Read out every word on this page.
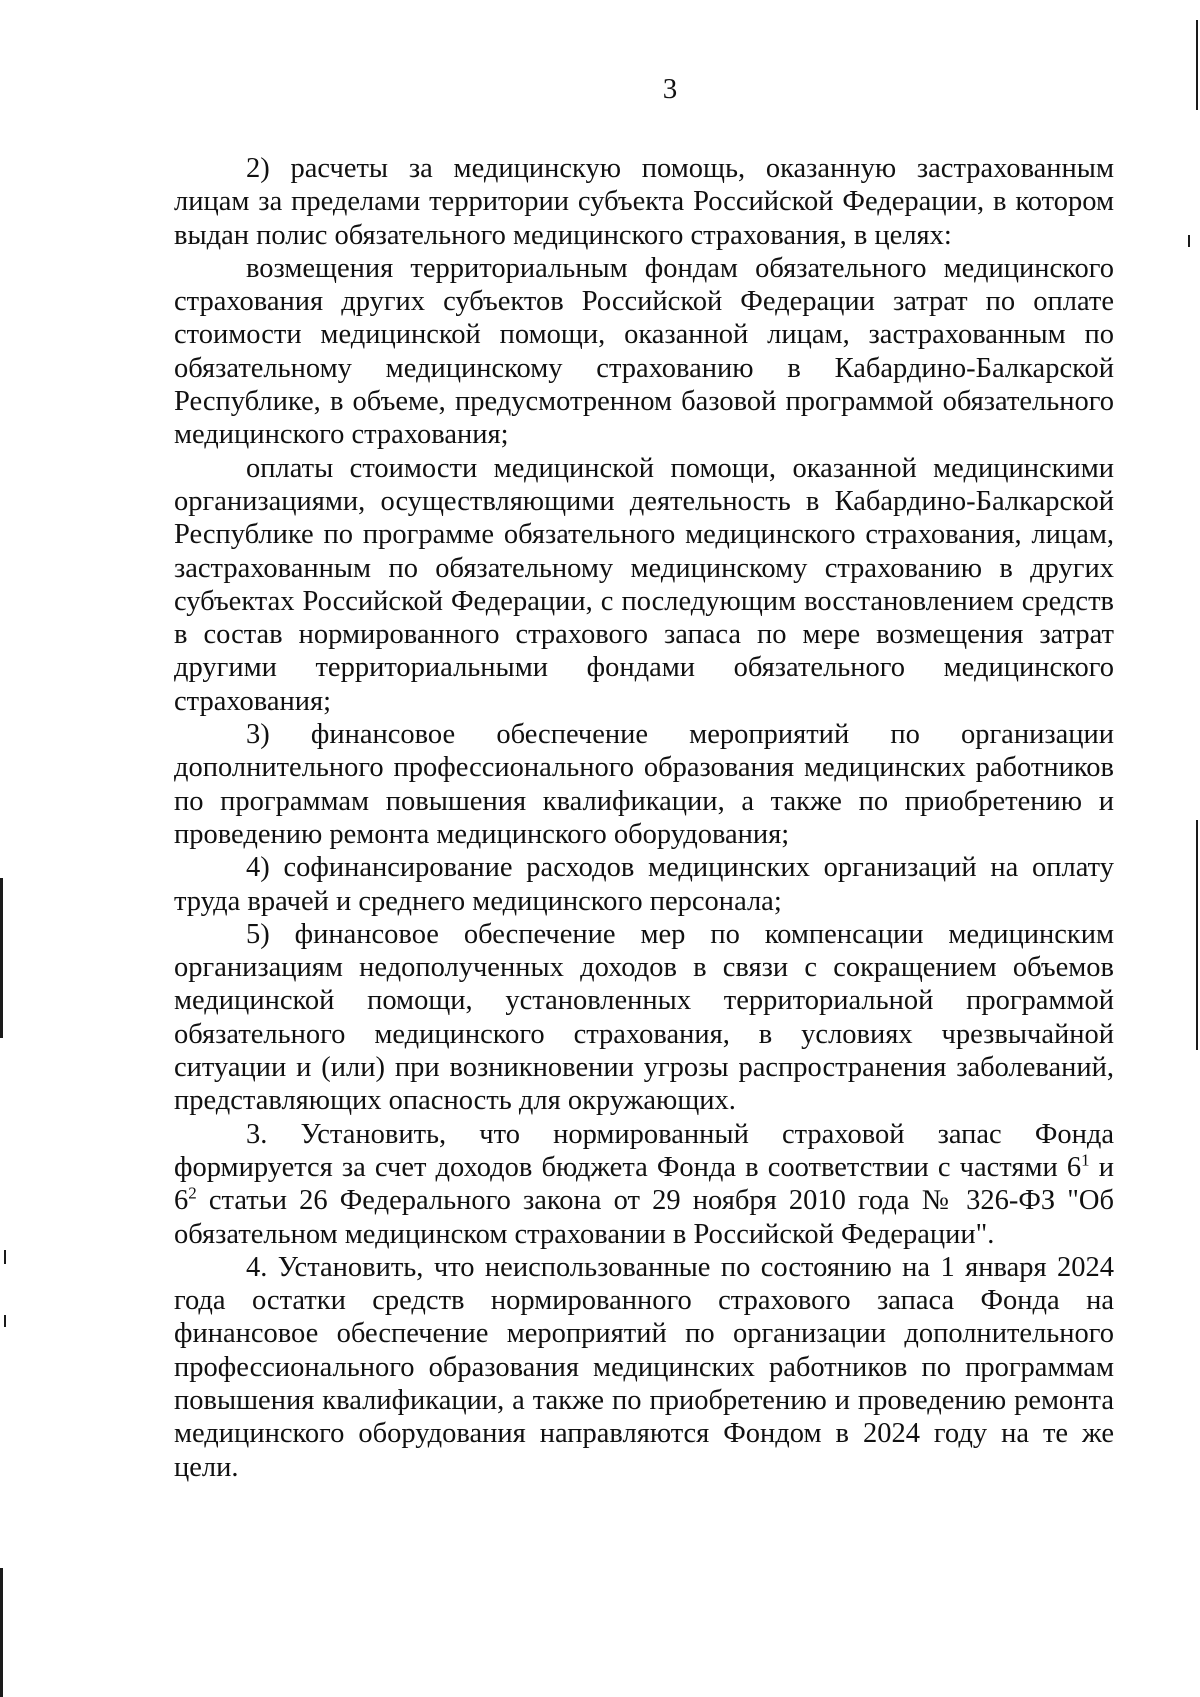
3

2) расчеты за медицинскую помощь, оказанную застрахованным лицам за пределами территории субъекта Российской Федерации, в котором выдан полис обязательного медицинского страхования, в целях:

возмещения территориальным фондам обязательного медицинского страхования других субъектов Российской Федерации затрат по оплате стоимости медицинской помощи, оказанной лицам, застрахованным по обязательному медицинскому страхованию в Кабардино-Балкарской Республике, в объеме, предусмотренном базовой программой обязательного медицинского страхования;

оплаты стоимости медицинской помощи, оказанной медицинскими организациями, осуществляющими деятельность в Кабардино-Балкарской Республике по программе обязательного медицинского страхования, лицам, застрахованным по обязательному медицинскому страхованию в других субъектах Российской Федерации, с последующим восстановлением средств в состав нормированного страхового запаса по мере возмещения затрат другими территориальными фондами обязательного медицинского страхования;

3) финансовое обеспечение мероприятий по организации дополнительного профессионального образования медицинских работников по программам повышения квалификации, а также по приобретению и проведению ремонта медицинского оборудования;

4) софинансирование расходов медицинских организаций на оплату труда врачей и среднего медицинского персонала;

5) финансовое обеспечение мер по компенсации медицинским организациям недополученных доходов в связи с сокращением объемов медицинской помощи, установленных территориальной программой обязательного медицинского страхования, в условиях чрезвычайной ситуации и (или) при возникновении угрозы распространения заболеваний, представляющих опасность для окружающих.

3. Установить, что нормированный страховой запас Фонда формируется за счет доходов бюджета Фонда в соответствии с частями $6^1$ и $6^2$ статьи 26 Федерального закона от 29 ноября 2010 года № 326-ФЗ "Об обязательном медицинском страховании в Российской Федерации".

4. Установить, что неиспользованные по состоянию на 1 января 2024 года остатки средств нормированного страхового запаса Фонда на финансовое обеспечение мероприятий по организации дополнительного профессионального образования медицинских работников по программам повышения квалификации, а также по приобретению и проведению ремонта медицинского оборудования направляются Фондом в 2024 году на те же цели.
